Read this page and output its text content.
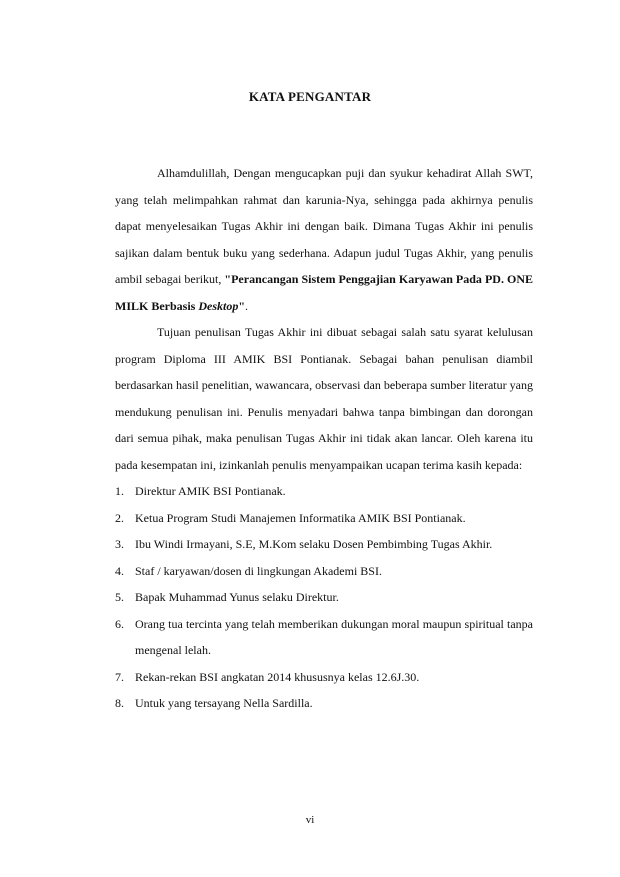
KATA PENGANTAR

Alhamdulillah, Dengan mengucapkan puji dan syukur kehadirat Allah SWT, yang telah melimpahkan rahmat dan karunia-Nya, sehingga pada akhirnya penulis dapat menyelesaikan Tugas Akhir ini dengan baik. Dimana Tugas Akhir ini penulis sajikan dalam bentuk buku yang sederhana. Adapun judul Tugas Akhir, yang penulis ambil sebagai berikut, "Perancangan Sistem Penggajian Karyawan Pada PD. ONE MILK Berbasis Desktop".

Tujuan penulisan Tugas Akhir ini dibuat sebagai salah satu syarat kelulusan program Diploma III AMIK BSI Pontianak. Sebagai bahan penulisan diambil berdasarkan hasil penelitian, wawancara, observasi dan beberapa sumber literatur yang mendukung penulisan ini. Penulis menyadari bahwa tanpa bimbingan dan dorongan dari semua pihak, maka penulisan Tugas Akhir ini tidak akan lancar. Oleh karena itu pada kesempatan ini, izinkanlah penulis menyampaikan ucapan terima kasih kepada:

1. Direktur AMIK BSI Pontianak.
2. Ketua Program Studi Manajemen Informatika AMIK BSI Pontianak.
3. Ibu Windi Irmayani, S.E, M.Kom selaku Dosen Pembimbing Tugas Akhir.
4. Staf / karyawan/dosen di lingkungan Akademi BSI.
5. Bapak Muhammad Yunus selaku Direktur.
6. Orang tua tercinta yang telah memberikan dukungan moral maupun spiritual tanpa mengenal lelah.
7. Rekan-rekan BSI angkatan 2014 khususnya kelas 12.6J.30.
8. Untuk yang tersayang Nella Sardilla.
vi
